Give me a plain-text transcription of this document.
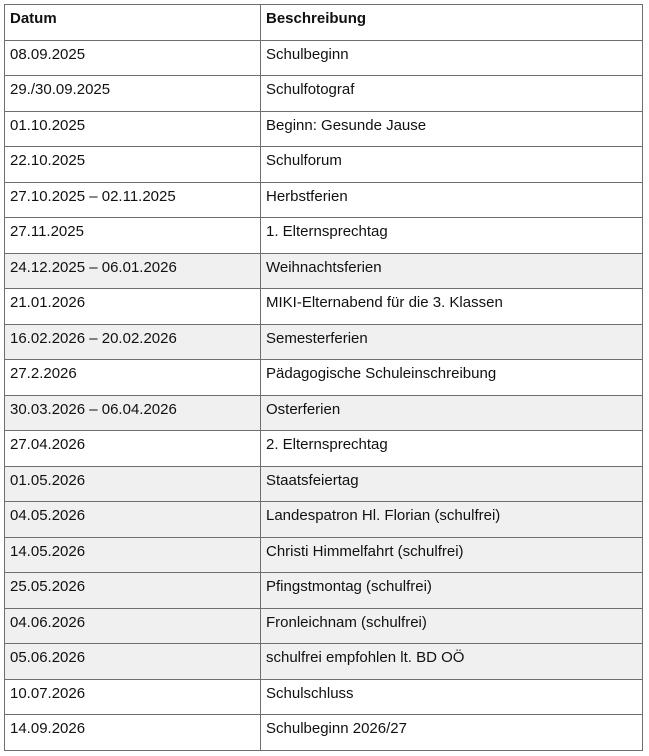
Datum	Beschreibung
08.09.2025	Schulbeginn
29./30.09.2025	Schulfotograf
01.10.2025	Beginn: Gesunde Jause
22.10.2025	Schulforum
27.10.2025 – 02.11.2025	Herbstferien
27.11.2025	1. Elternsprechtag
24.12.2025 – 06.01.2026	Weihnachtsferien
21.01.2026	MIKI-Elternabend für die 3. Klassen
16.02.2026 – 20.02.2026	Semesterferien
27.2.2026	Pädagogische Schuleinschreibung
30.03.2026 – 06.04.2026	Osterferien
27.04.2026	2. Elternsprechtag
01.05.2026	Staatsfeiertag
04.05.2026	Landespatron Hl. Florian (schulfrei)
14.05.2026	Christi Himmelfahrt (schulfrei)
25.05.2026	Pfingstmontag (schulfrei)
04.06.2026	Fronleichnam (schulfrei)
05.06.2026	schulfrei empfohlen lt. BD OÖ
10.07.2026	Schulschluss
14.09.2026	Schulbeginn 2026/27
